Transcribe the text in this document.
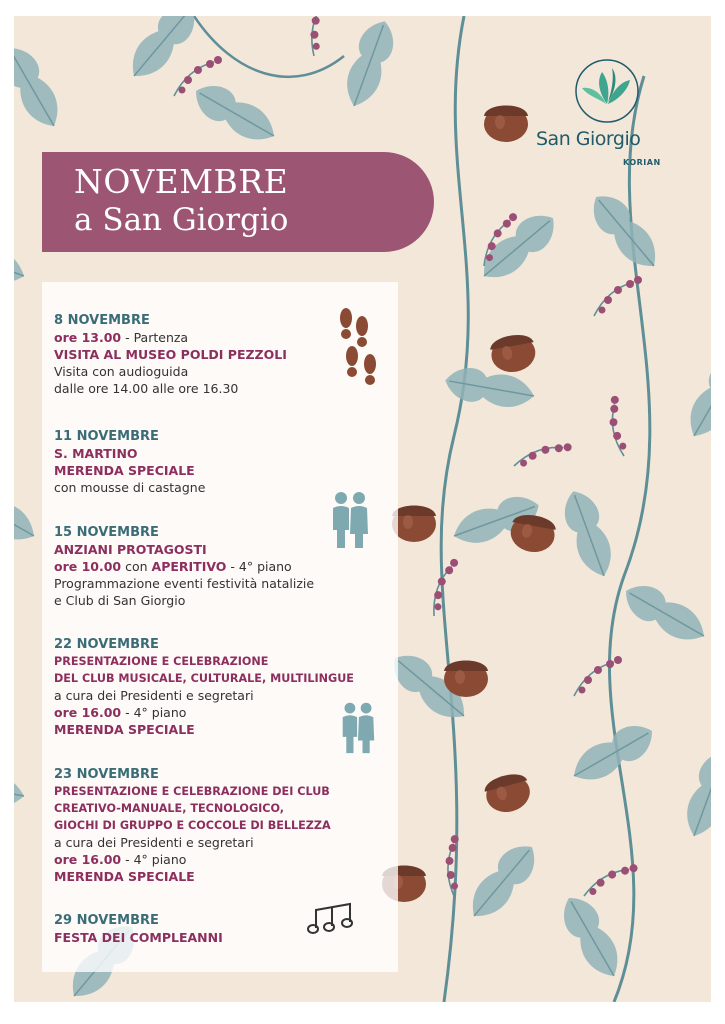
NOVEMBRE
a San Giorgio
San Giorgio
KORIAN
8 NOVEMBRE
ore 13.00 - Partenza
VISITA AL MUSEO POLDI PEZZOLI
Visita con audioguida
dalle ore 14.00 alle ore 16.30
11 NOVEMBRE
S. MARTINO
MERENDA SPECIALE
con mousse di castagne
15 NOVEMBRE
ANZIANI PROTAGOSTI
ore 10.00 con APERITIVO - 4° piano
Programmazione eventi festività natalizie
e Club di San Giorgio
22 NOVEMBRE
PRESENTAZIONE E CELEBRAZIONE
DEL CLUB MUSICALE, CULTURALE, MULTILINGUE
a cura dei Presidenti e segretari
ore 16.00 - 4° piano
MERENDA SPECIALE
23 NOVEMBRE
PRESENTAZIONE E CELEBRAZIONE DEI CLUB
CREATIVO-MANUALE, TECNOLOGICO,
GIOCHI DI GRUPPO E COCCOLE DI BELLEZZA
a cura dei Presidenti e segretari
ore 16.00 - 4° piano
MERENDA SPECIALE
29 NOVEMBRE
FESTA DEI COMPLEANNI
